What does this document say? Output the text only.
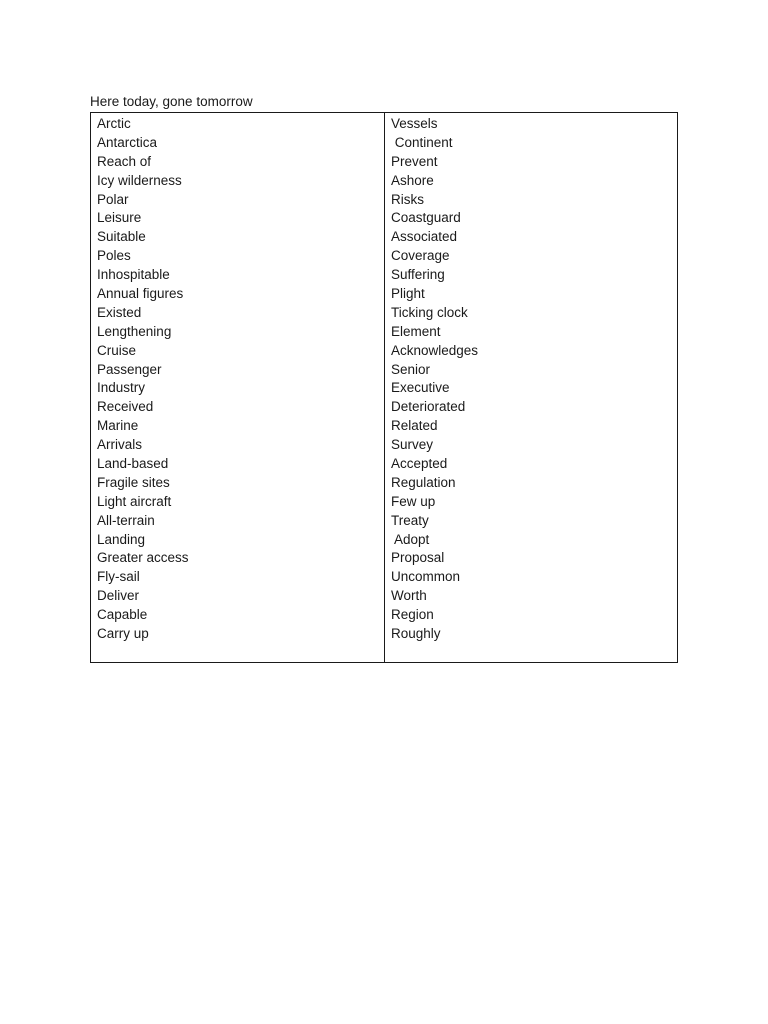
Here today, gone tomorrow
Arctic
Antarctica
Reach of
Icy wilderness
Polar
Leisure
Suitable
Poles
Inhospitable
Annual figures
Existed
Lengthening
Cruise
Passenger
Industry
Received
Marine
Arrivals
Land-based
Fragile sites
Light aircraft
All-terrain
Landing
Greater access
Fly-sail
Deliver
Capable
Carry up
Vessels
Continent
Prevent
Ashore
Risks
Coastguard
Associated
Coverage
Suffering
Plight
Ticking clock
Element
Acknowledges
Senior
Executive
Deteriorated
Related
Survey
Accepted
Regulation
Few up
Treaty
Adopt
Proposal
Uncommon
Worth
Region
Roughly
